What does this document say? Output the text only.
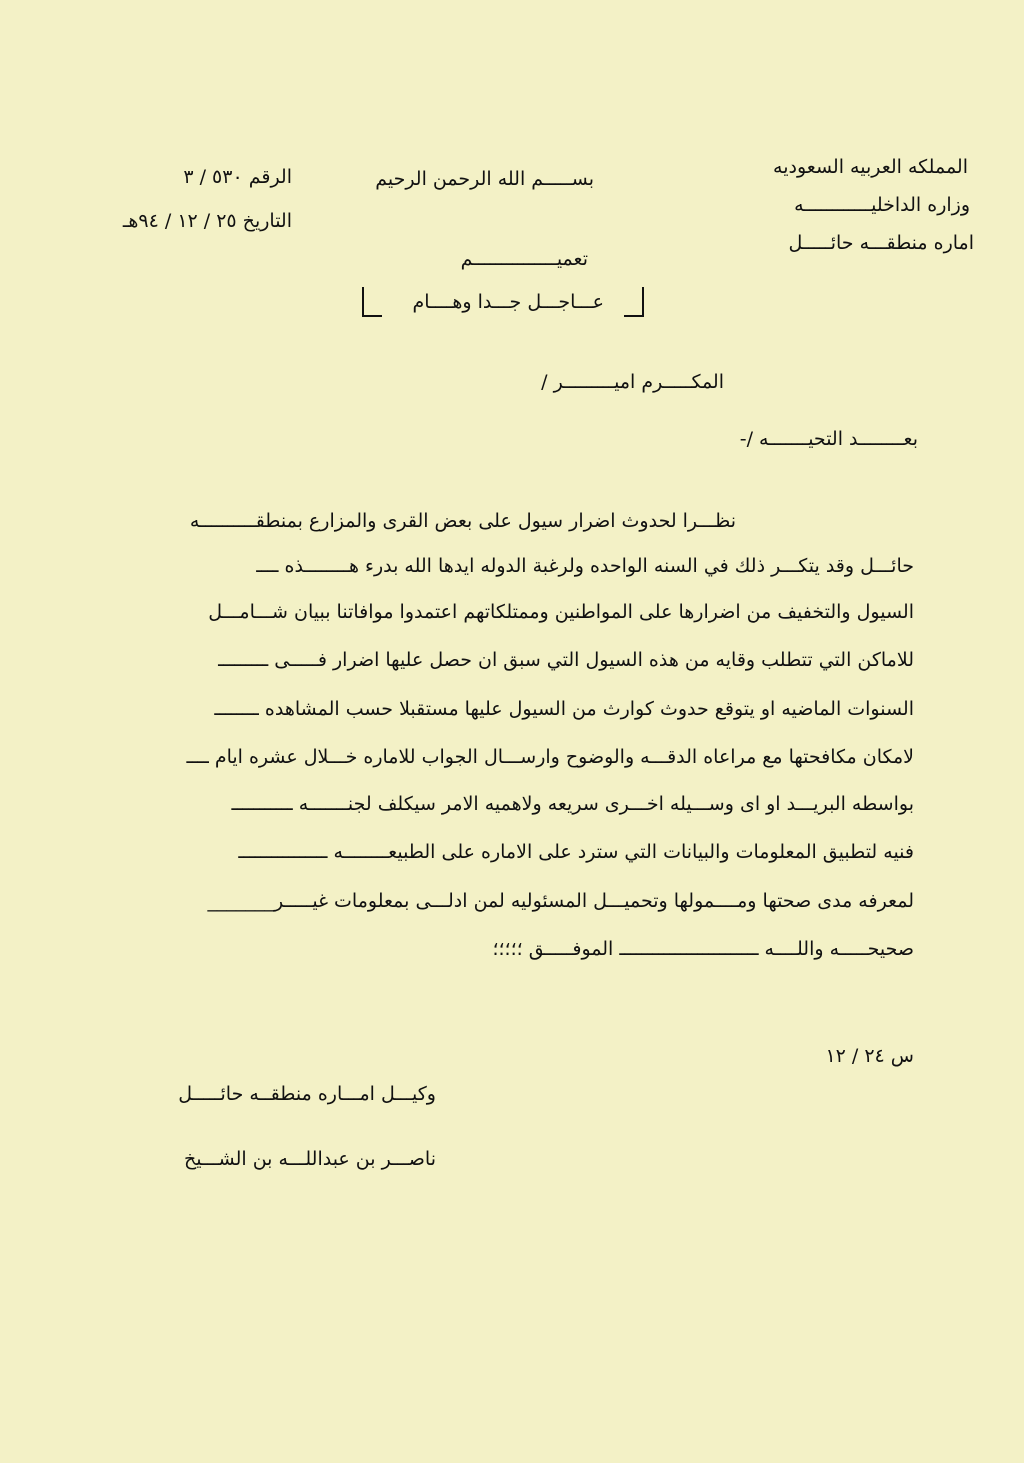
المملكه العربيه السعوديه
وزاره الداخليــــــــــــه
اماره منطقـــه حائـــــل
بســـــم الله الرحمن الرحيم
الرقم ٥٣٠ / ٣
التاريخ ٢٥ / ١٢ / ٩٤هـ
تعميـــــــــــــــم
عـــاجـــل جـــدا وهــــام
المكـــــرم اميـــــــــر /
بعــــــــد التحيـــــــه /-
نظـــرا لحدوث اضرار سيول على بعض القرى والمزارع بمنطقــــــــــه
حائـــل وقد يتكـــر ذلك في السنه الواحده ولرغبة الدوله ايدها الله بدرء هــــــــذه ــــ
السيول والتخفيف من اضرارها على المواطنين وممتلكاتهم اعتمدوا موافاتنا ببيان شـــامـــل
للاماكن التي تتطلب وقايه من هذه السيول التي سبق ان حصل عليها اضرار فـــــى ـــــــــ
السنوات الماضيه او يتوقع حدوث كوارث من السيول عليها مستقبلا حسب المشاهده ــــــــ
لامكان مكافحتها مع مراعاه الدقـــه والوضوح وارســـال الجواب للاماره خـــلال عشره ايام ــــ
بواسطه البريـــد او اى وســـيله اخـــرى سريعه ولاهميه الامر سيكلف لجنـــــــه ـــــــــــ
فنيه لتطبيق المعلومات والبيانات التي سترد على الاماره على الطبيعــــــــه ــــــــــــــــ
لمعرفه مدى صحتها ومــــمولها وتحميـــل المسئوليه لمن ادلـــى بمعلومات غيـــــر_______
صحيحـــــه واللــــه ـــــــــــــــــــــــــ الموفـــــق ؛؛؛؛؛
س ٢٤ / ١٢
وكيـــل امـــاره منطقــه حائـــــل
ناصـــر بن عبداللـــه بن الشـــيخ
